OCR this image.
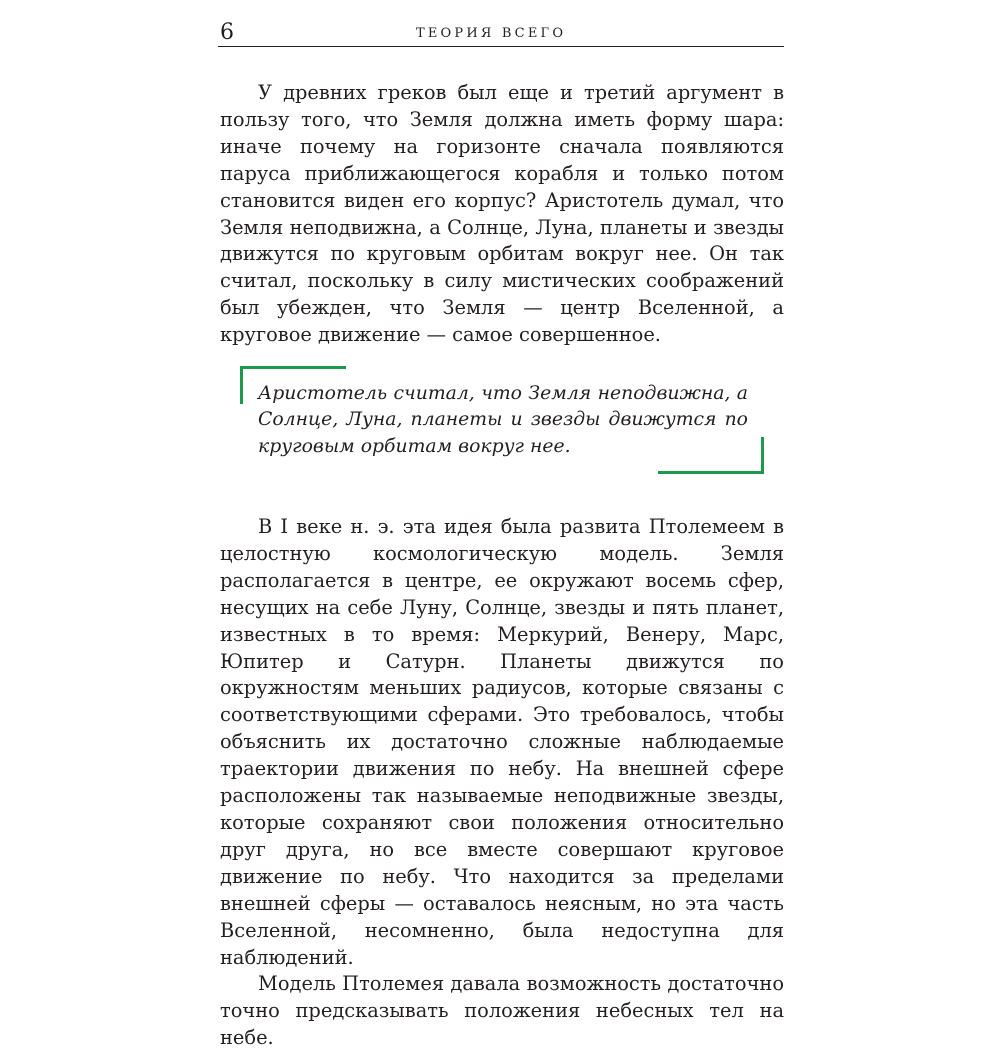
6	ТЕОРИЯ ВСЕГО

У древних греков был еще и третий аргумент в пользу того, что Земля должна иметь форму шара: иначе почему на горизонте сначала появляются паруса приближающегося корабля и только потом становится виден его корпус? Аристотель думал, что Земля неподвижна, а Солнце, Луна, планеты и звезды движутся по круговым орбитам вокруг нее. Он так считал, поскольку в силу мистических соображений был убежден, что Земля — центр Вселенной, а круговое движение — самое совершенное.

Аристотель считал, что Земля неподвижна, а Солнце, Луна, планеты и звезды движутся по круговым орбитам вокруг нее.

В I веке н. э. эта идея была развита Птолемеем в целостную космологическую модель. Земля располагается в центре, ее окружают восемь сфер, несущих на себе Луну, Солнце, звезды и пять планет, известных в то время: Меркурий, Венеру, Марс, Юпитер и Сатурн. Планеты движутся по окружностям меньших радиусов, которые связаны с соответствующими сферами. Это требовалось, чтобы объяснить их достаточно сложные наблюдаемые траектории движения по небу. На внешней сфере расположены так называемые неподвижные звезды, которые сохраняют свои положения относительно друг друга, но все вместе совершают круговое движение по небу. Что находится за пределами внешней сферы — оставалось неясным, но эта часть Вселенной, несомненно, была недоступна для наблюдений.

Модель Птолемея давала возможность достаточно точно предсказывать положения небесных тел на небе.
